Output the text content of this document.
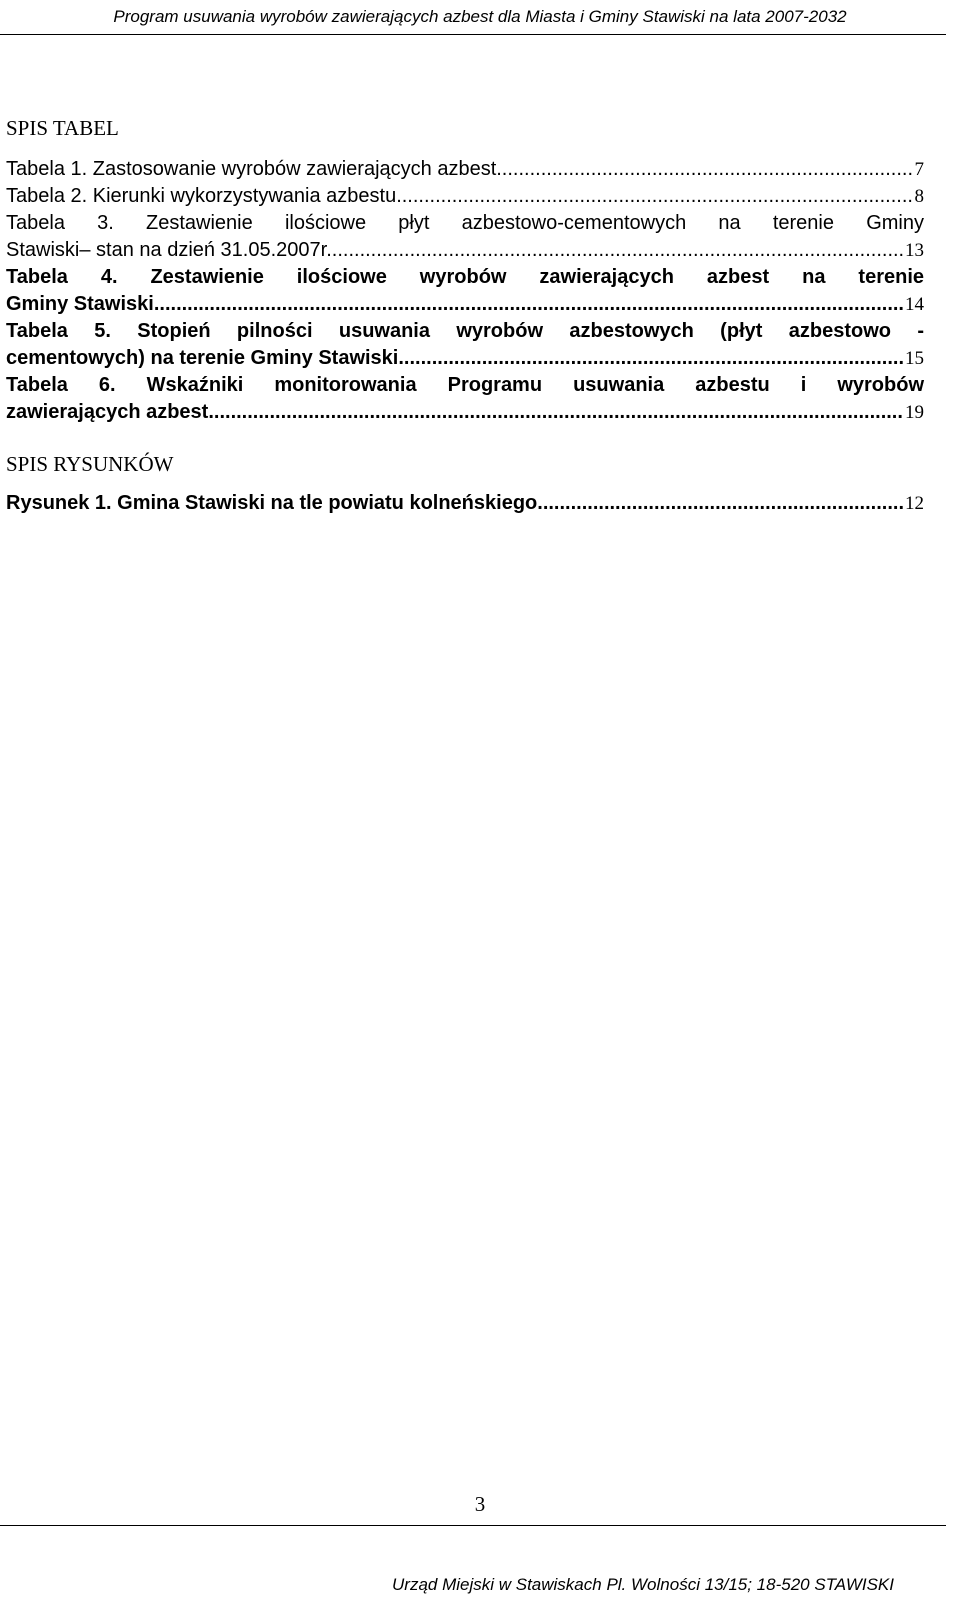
Program usuwania wyrobów zawierających azbest dla Miasta i Gminy Stawiski na lata 2007-2032
SPIS TABEL
Tabela 1. Zastosowanie wyrobów zawierających azbest .....	7
Tabela 2. Kierunki wykorzystywania azbestu .....	8
Tabela 3. Zestawienie ilościowe płyt azbestowo-cementowych na terenie Gminy
Stawiski– stan na dzień 31.05.2007r. .....	13
Tabela 4. Zestawienie ilościowe wyrobów zawierających azbest na terenie
Gminy Stawiski .....	14
Tabela 5. Stopień pilności usuwania wyrobów azbestowych (płyt azbestowo -
cementowych) na terenie Gminy Stawiski .....	15
Tabela 6. Wskaźniki monitorowania Programu usuwania azbestu i wyrobów
zawierających azbest .....	19
SPIS RYSUNKÓW
Rysunek 1. Gmina Stawiski na tle powiatu kolneńskiego .....	12
3
Urząd Miejski w Stawiskach Pl. Wolności 13/15; 18-520 STAWISKI
